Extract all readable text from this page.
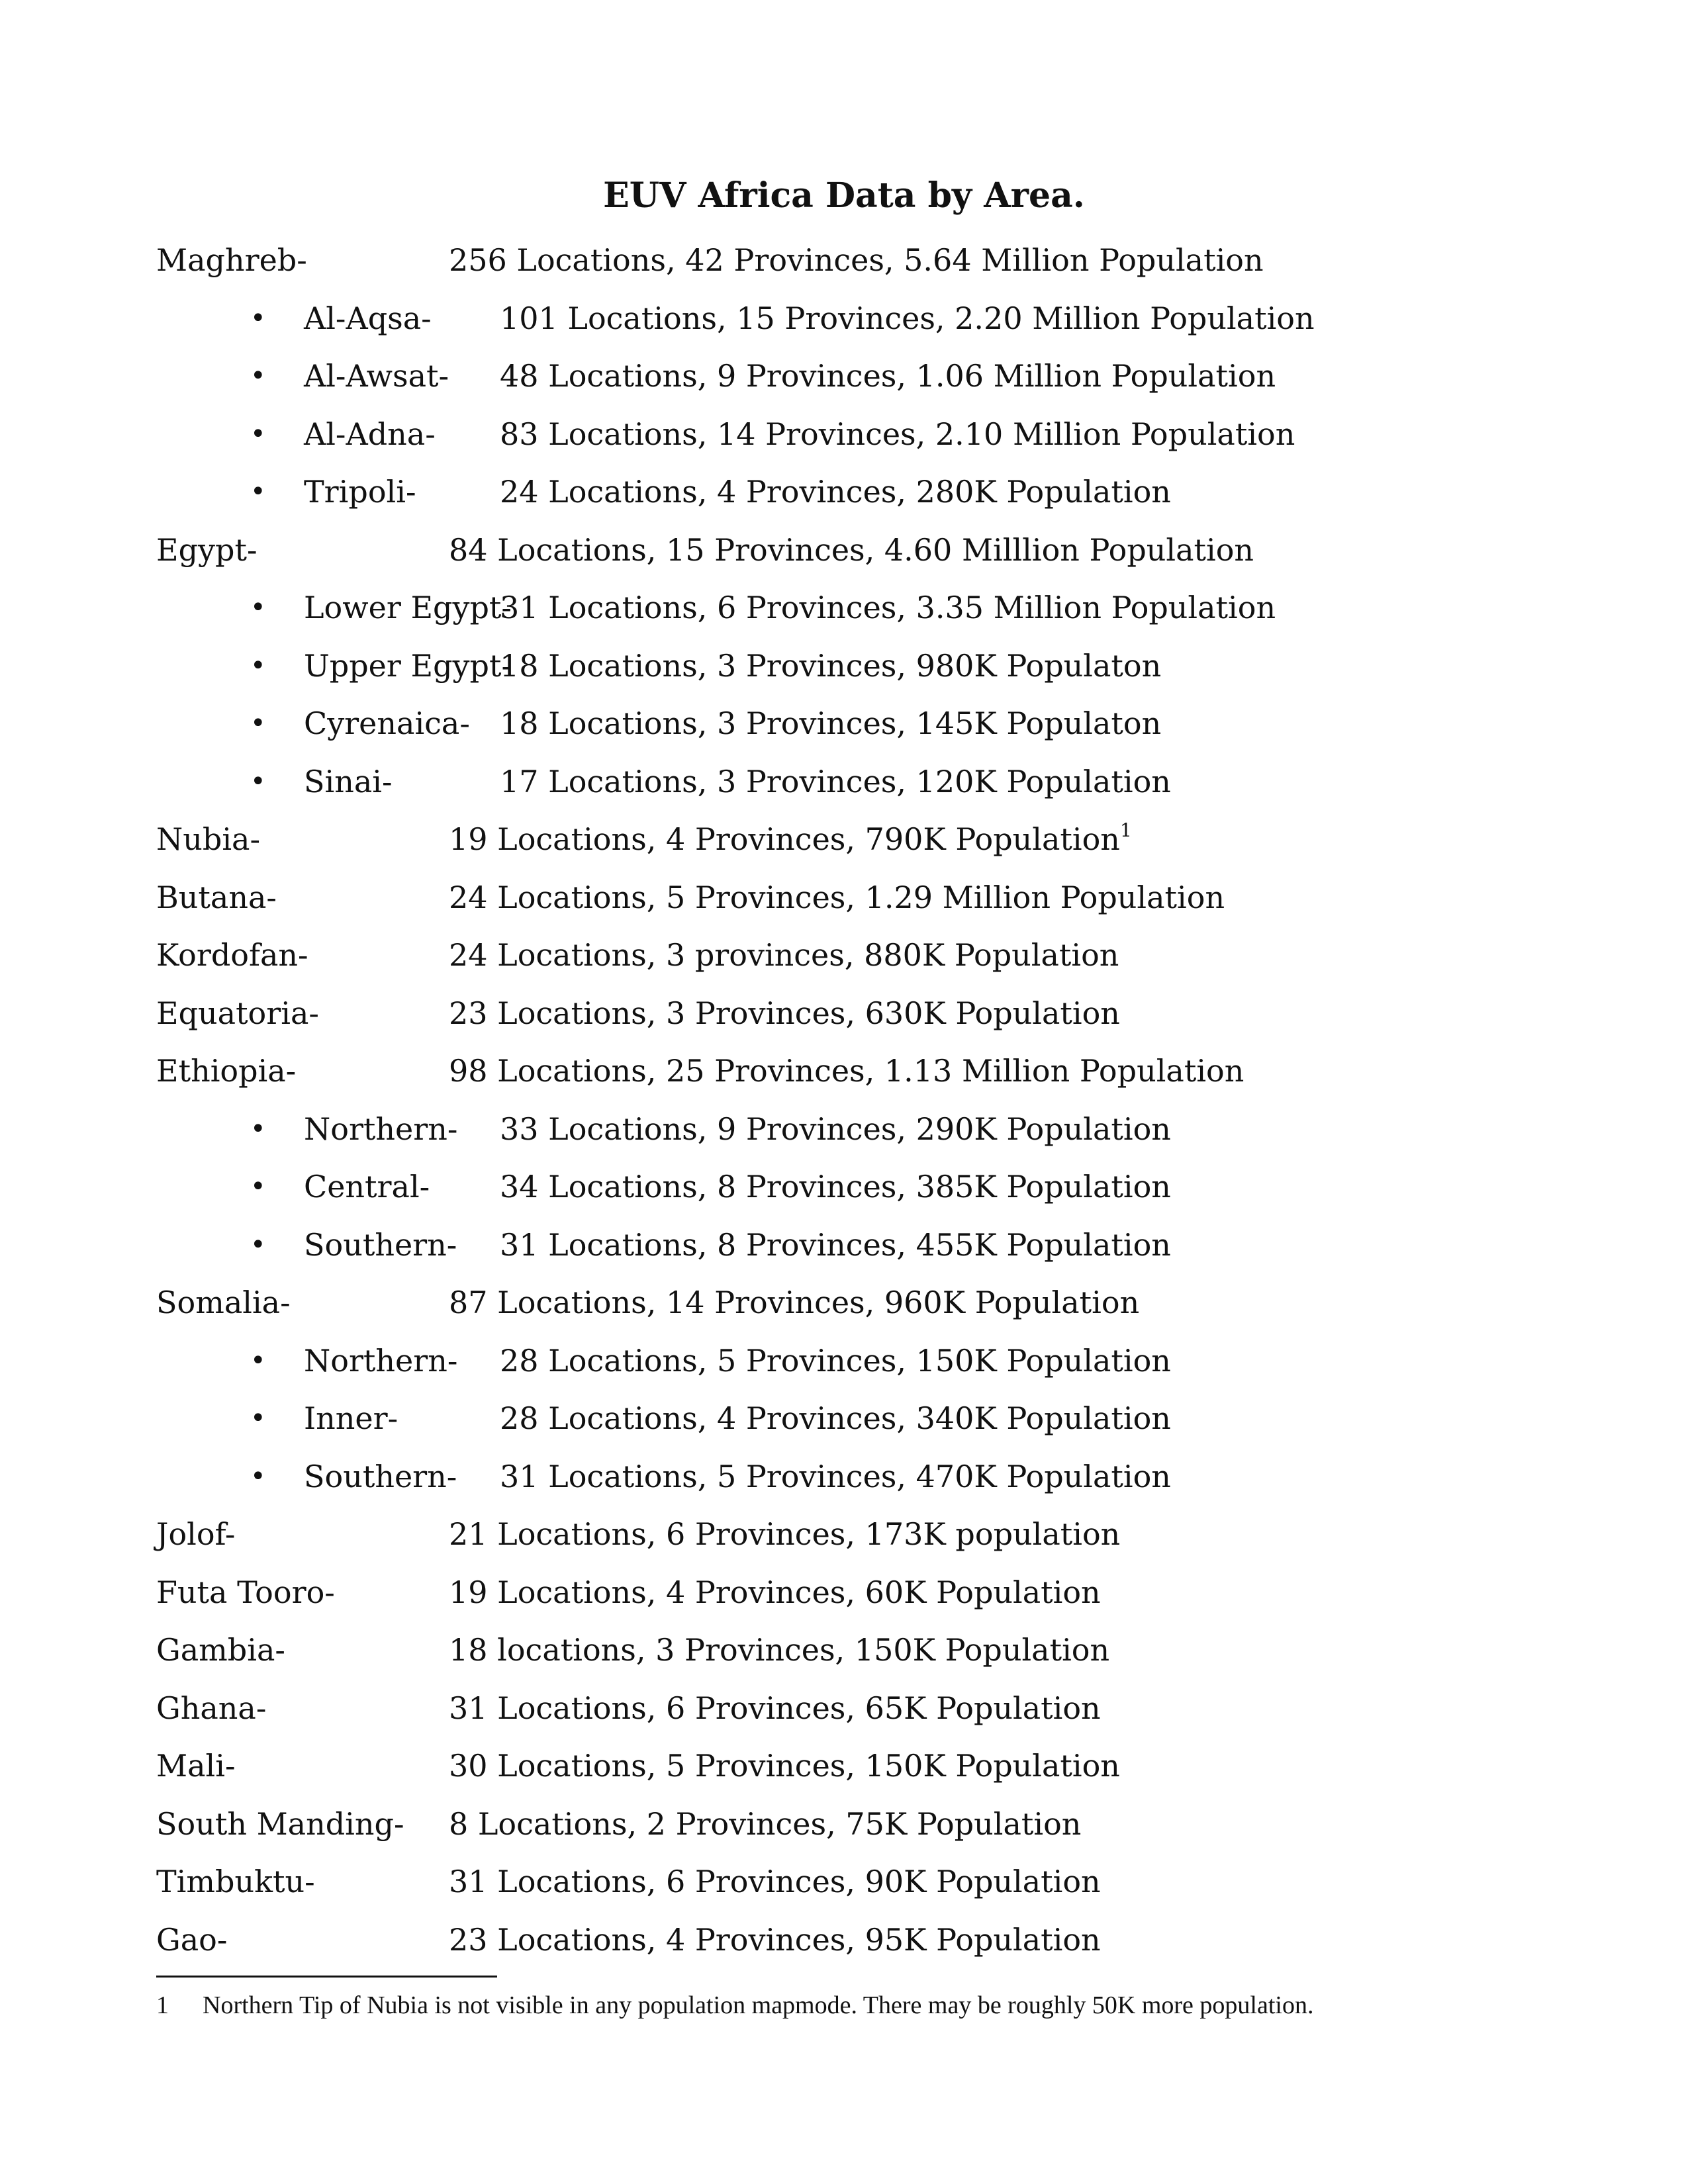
EUV Africa Data by Area.
Maghreb-	256 Locations, 42 Provinces, 5.64 Million Population
• Al-Aqsa- 101 Locations, 15 Provinces, 2.20 Million Population
• Al-Awsat- 48 Locations, 9 Provinces, 1.06 Million Population
• Al-Adna- 83 Locations, 14 Provinces, 2.10 Million Population
• Tripoli-	24 Locations, 4 Provinces, 280K Population
Egypt-	84 Locations, 15 Provinces, 4.60 Milllion Population
• Lower Egypt-
31 Locations, 6 Provinces, 3.35 Million Population
• Upper Egypt-
18 Locations, 3 Provinces, 980K Populaton
• Cyrenaica- 18 Locations, 3 Provinces, 145K Populaton
• Sinai-	17 Locations, 3 Provinces, 120K Population
Nubia-	19 Locations, 4 Provinces, 790K Population$^1$
Butana-	24 Locations, 5 Provinces, 1.29 Million Population
Kordofan-	24 Locations, 3 provinces, 880K Population
Equatoria-	23 Locations, 3 Provinces, 630K Population
Ethiopia-	98 Locations, 25 Provinces, 1.13 Million Population
• Northern- 33 Locations, 9 Provinces, 290K Population
• Central- 34 Locations, 8 Provinces, 385K Population
• Southern- 31 Locations, 8 Provinces, 455K Population
Somalia-	87 Locations, 14 Provinces, 960K Population
• Northern- 28 Locations, 5 Provinces, 150K Population
• Inner-	28 Locations, 4 Provinces, 340K Population
• Southern- 31 Locations, 5 Provinces, 470K Population
Jolof-	21 Locations, 6 Provinces, 173K population
Futa Tooro-	19 Locations, 4 Provinces, 60K Population
Gambia-	18 locations, 3 Provinces, 150K Population
Ghana-	31 Locations, 6 Provinces, 65K Population
Mali-	30 Locations, 5 Provinces, 150K Population
South Manding- 8 Locations, 2 Provinces, 75K Population
Timbuktu-	31 Locations, 6 Provinces, 90K Population
Gao-	23 Locations, 4 Provinces, 95K Population
1 Northern Tip of Nubia is not visible in any population mapmode. There may be roughly 50K more population.
